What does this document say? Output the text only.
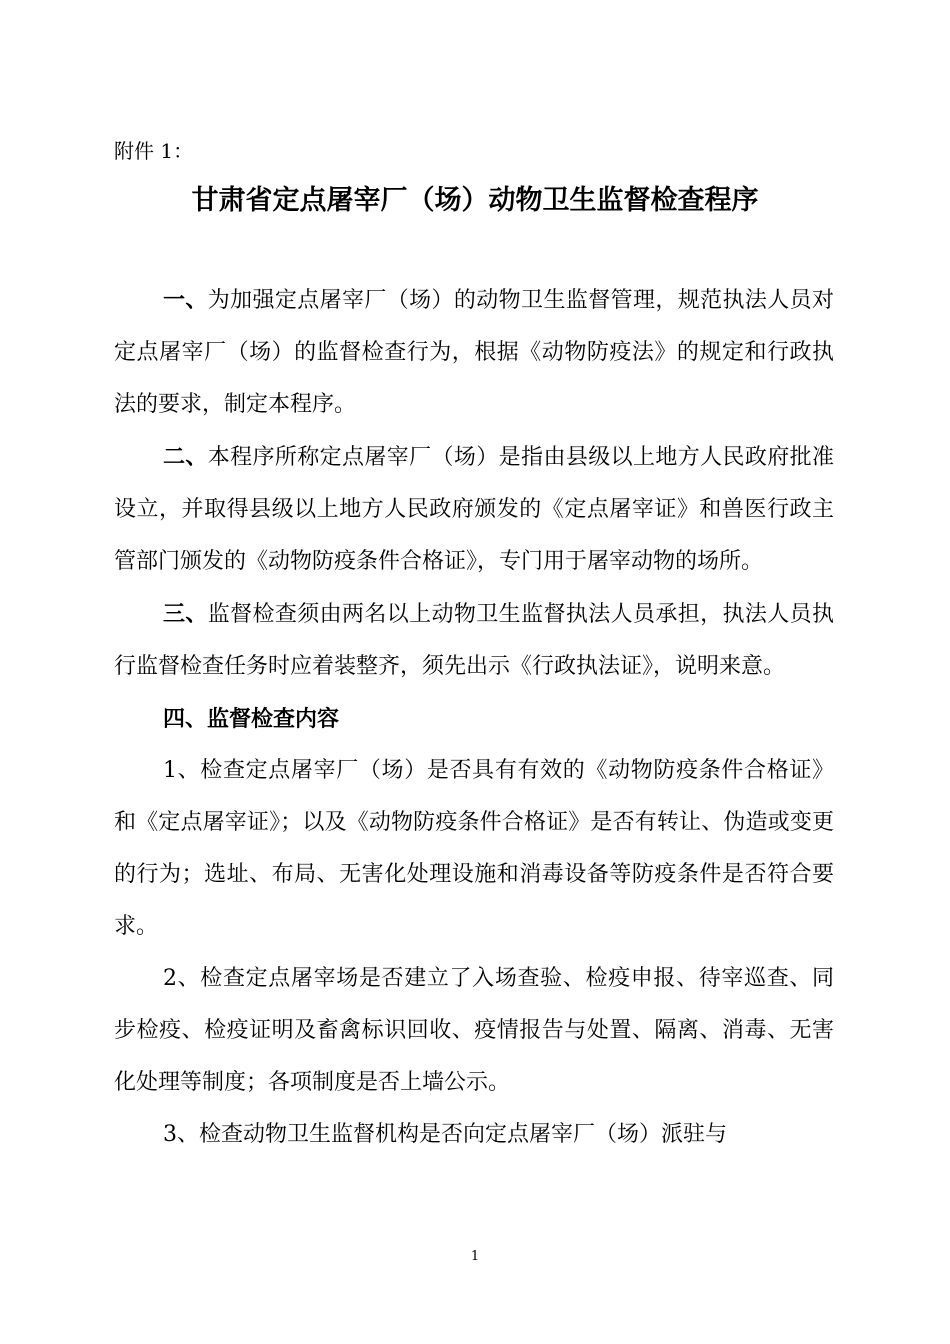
附件 1：
甘肃省定点屠宰厂（场）动物卫生监督检查程序

一、为加强定点屠宰厂（场）的动物卫生监督管理，规范执法人员对定点屠宰厂（场）的监督检查行为，根据《动物防疫法》的规定和行政执法的要求，制定本程序。

二、本程序所称定点屠宰厂（场）是指由县级以上地方人民政府批准设立，并取得县级以上地方人民政府颁发的《定点屠宰证》和兽医行政主管部门颁发的《动物防疫条件合格证》，专门用于屠宰动物的场所。

三、监督检查须由两名以上动物卫生监督执法人员承担，执法人员执行监督检查任务时应着装整齐，须先出示《行政执法证》，说明来意。

四、监督检查内容

1、检查定点屠宰厂（场）是否具有有效的《动物防疫条件合格证》和《定点屠宰证》；以及《动物防疫条件合格证》是否有转让、伪造或变更的行为；选址、布局、无害化处理设施和消毒设备等防疫条件是否符合要求。

2、检查定点屠宰场是否建立了入场查验、检疫申报、待宰巡查、同步检疫、检疫证明及畜禽标识回收、疫情报告与处置、隔离、消毒、无害化处理等制度；各项制度是否上墙公示。

3、检查动物卫生监督机构是否向定点屠宰厂（场）派驻与

1
